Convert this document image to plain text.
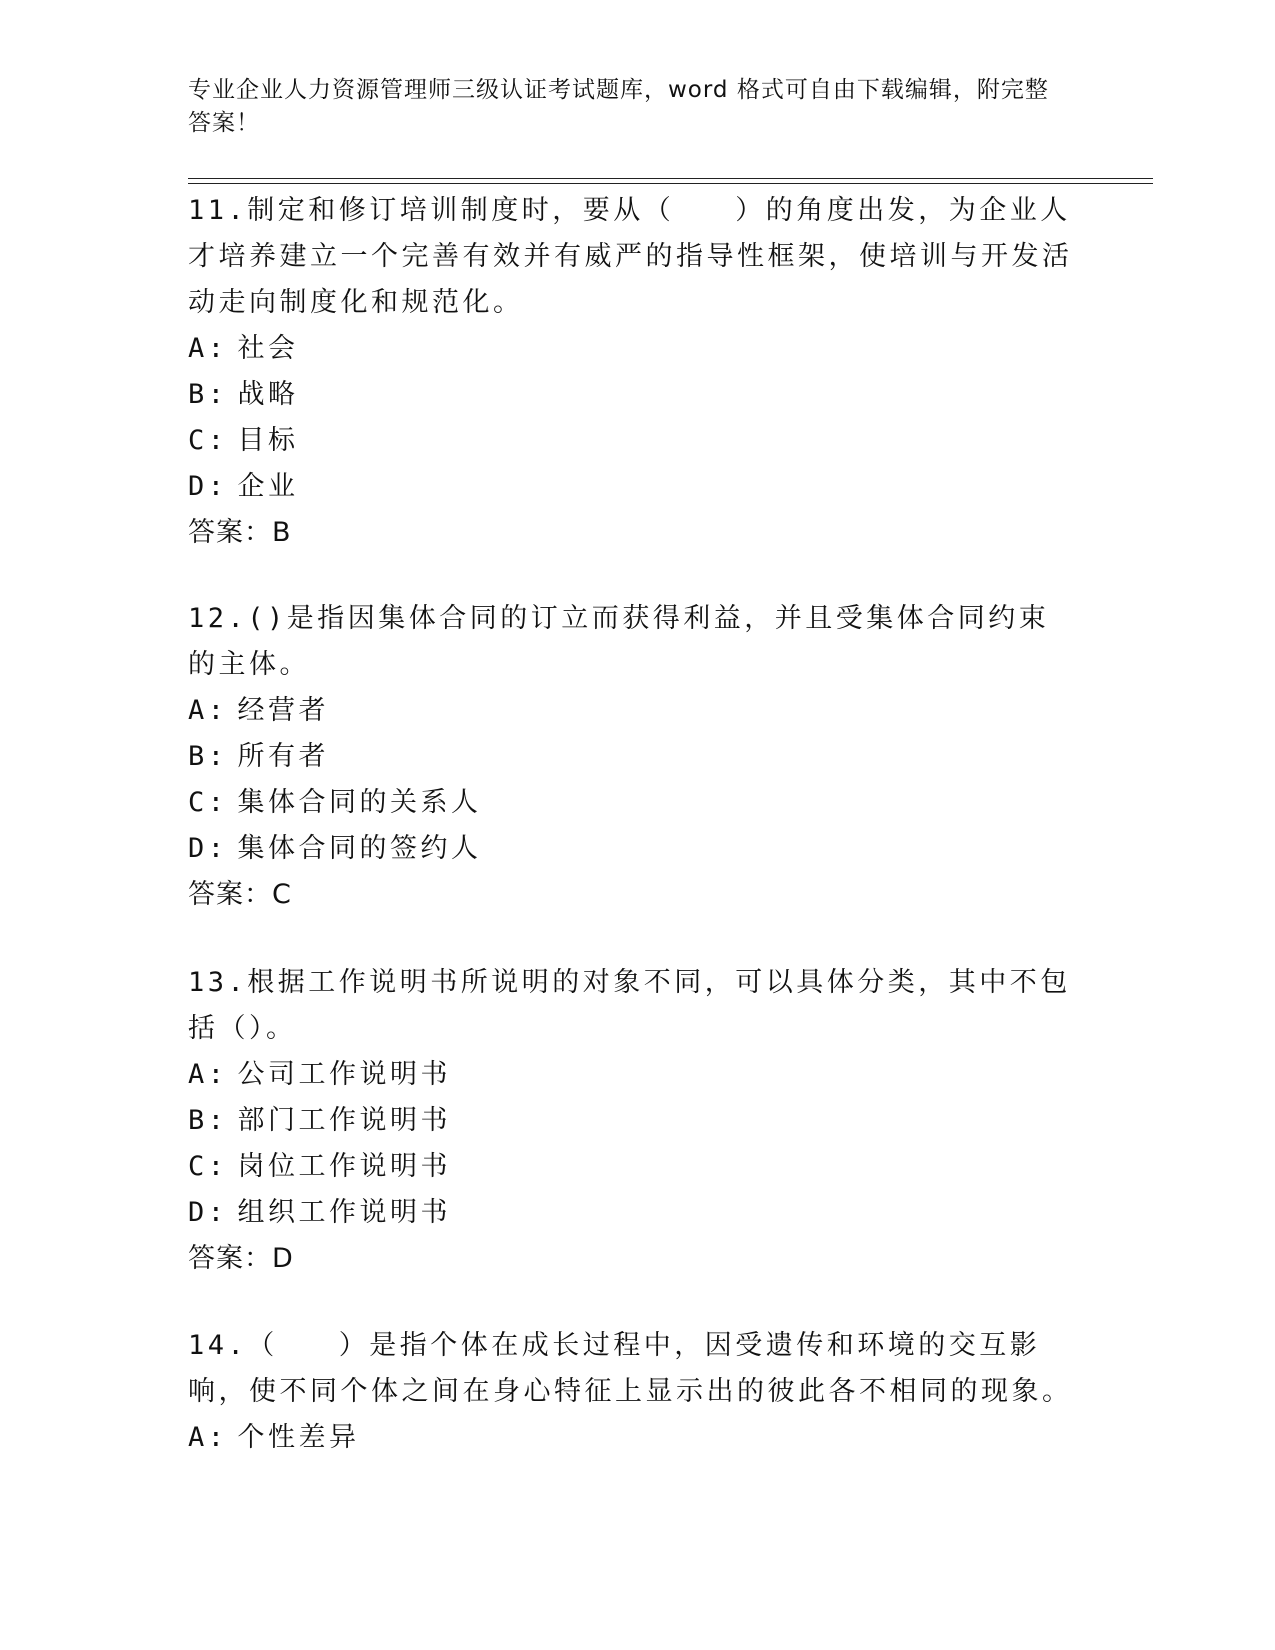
专业企业人力资源管理师三级认证考试题库，word 格式可自由下载编辑，附完整答案！

11.制定和修订培训制度时，要从（　　）的角度出发，为企业人才培养建立一个完善有效并有威严的指导性框架，使培训与开发活动走向制度化和规范化。

A: 社会

B: 战略

C: 目标

D: 企业

答案：B

12.()是指因集体合同的订立而获得利益，并且受集体合同约束的主体。

A: 经营者

B: 所有者

C: 集体合同的关系人

D: 集体合同的签约人

答案：C

13.根据工作说明书所说明的对象不同，可以具体分类，其中不包括（）。

A: 公司工作说明书

B: 部门工作说明书

C: 岗位工作说明书

D: 组织工作说明书

答案：D

14.（　　）是指个体在成长过程中，因受遗传和环境的交互影响，使不同个体之间在身心特征上显示出的彼此各不相同的现象。

A: 个性差异
